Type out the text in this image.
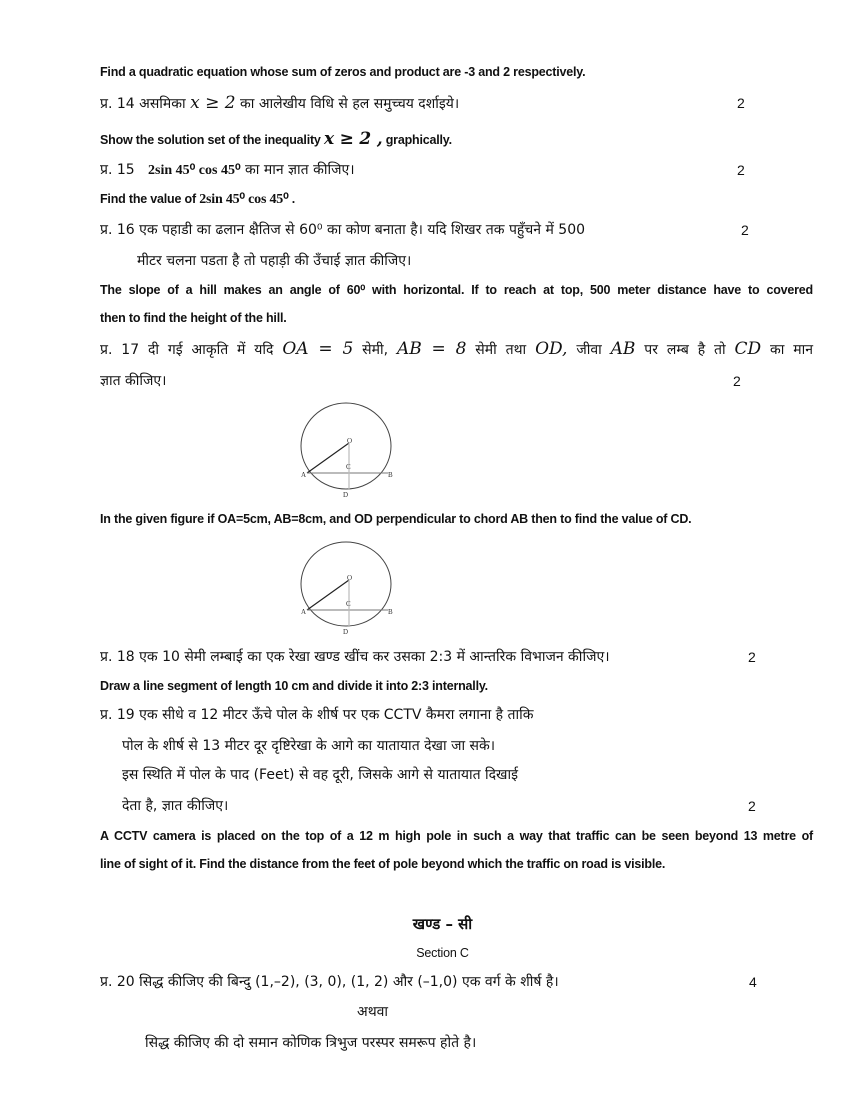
Find a quadratic equation whose sum of zeros and product are -3 and 2 respectively.
प्र. 14 असमिका x ≥ 2 का आलेखीय विधि से हल समुच्चय दर्शाइये।	2
Show the solution set of the inequality x ≥ 2 , graphically.
प्र. 15 2sin 45⁰ cos 45⁰ का मान ज्ञात कीजिए।	2
Find the value of 2sin 45⁰ cos 45⁰ .
प्र. 16 एक पहाडी का ढलान क्षैतिज से 60⁰ का कोण बनाता है। यदि शिखर तक पहुँचने में 500	2
मीटर चलना पडता है तो पहाड़ी की उँचाई ज्ञात कीजिए।
The slope of a hill makes an angle of 60⁰ with horizontal. If to reach at top, 500 meter distance have to covered
then to find the height of the hill.
प्र. 17 दी गई आकृति में यदि OA = 5 सेमी, AB = 8 सेमी तथा OD, जीवा AB पर लम्ब है तो CD का मान
ज्ञात कीजिए।	2
O
A	B
C
D
In the given figure if OA=5cm, AB=8cm, and OD perpendicular to chord AB then to find the value of CD.
O
A	B
C
D
प्र. 18 एक 10 सेमी लम्बाई का एक रेखा खण्ड खींच कर उसका 2:3 में आन्तरिक विभाजन कीजिए।	2
Draw a line segment of length 10 cm and divide it into 2:3 internally.
प्र. 19 एक सीधे व 12 मीटर ऊँचे पोल के शीर्ष पर एक CCTV कैमरा लगाना है ताकि
पोल के शीर्ष से 13 मीटर दूर दृष्टिरेखा के आगे का यातायात देखा जा सके।
इस स्थिति में पोल के पाद (Feet) से वह दूरी, जिसके आगे से यातायात दिखाई
देता है, ज्ञात कीजिए।	2
A CCTV camera is placed on the top of a 12 m high pole in such a way that traffic can be seen beyond 13 metre of
line of sight of it. Find the distance from the feet of pole beyond which the traffic on road is visible.
खण्ड – सी
Section C
प्र. 20 सिद्ध कीजिए की बिन्दु (1,–2), (3, 0), (1, 2) और (–1,0) एक वर्ग के शीर्ष है।	4
अथवा
सिद्ध कीजिए की दो समान कोणिक त्रिभुज परस्पर समरूप होते है।
